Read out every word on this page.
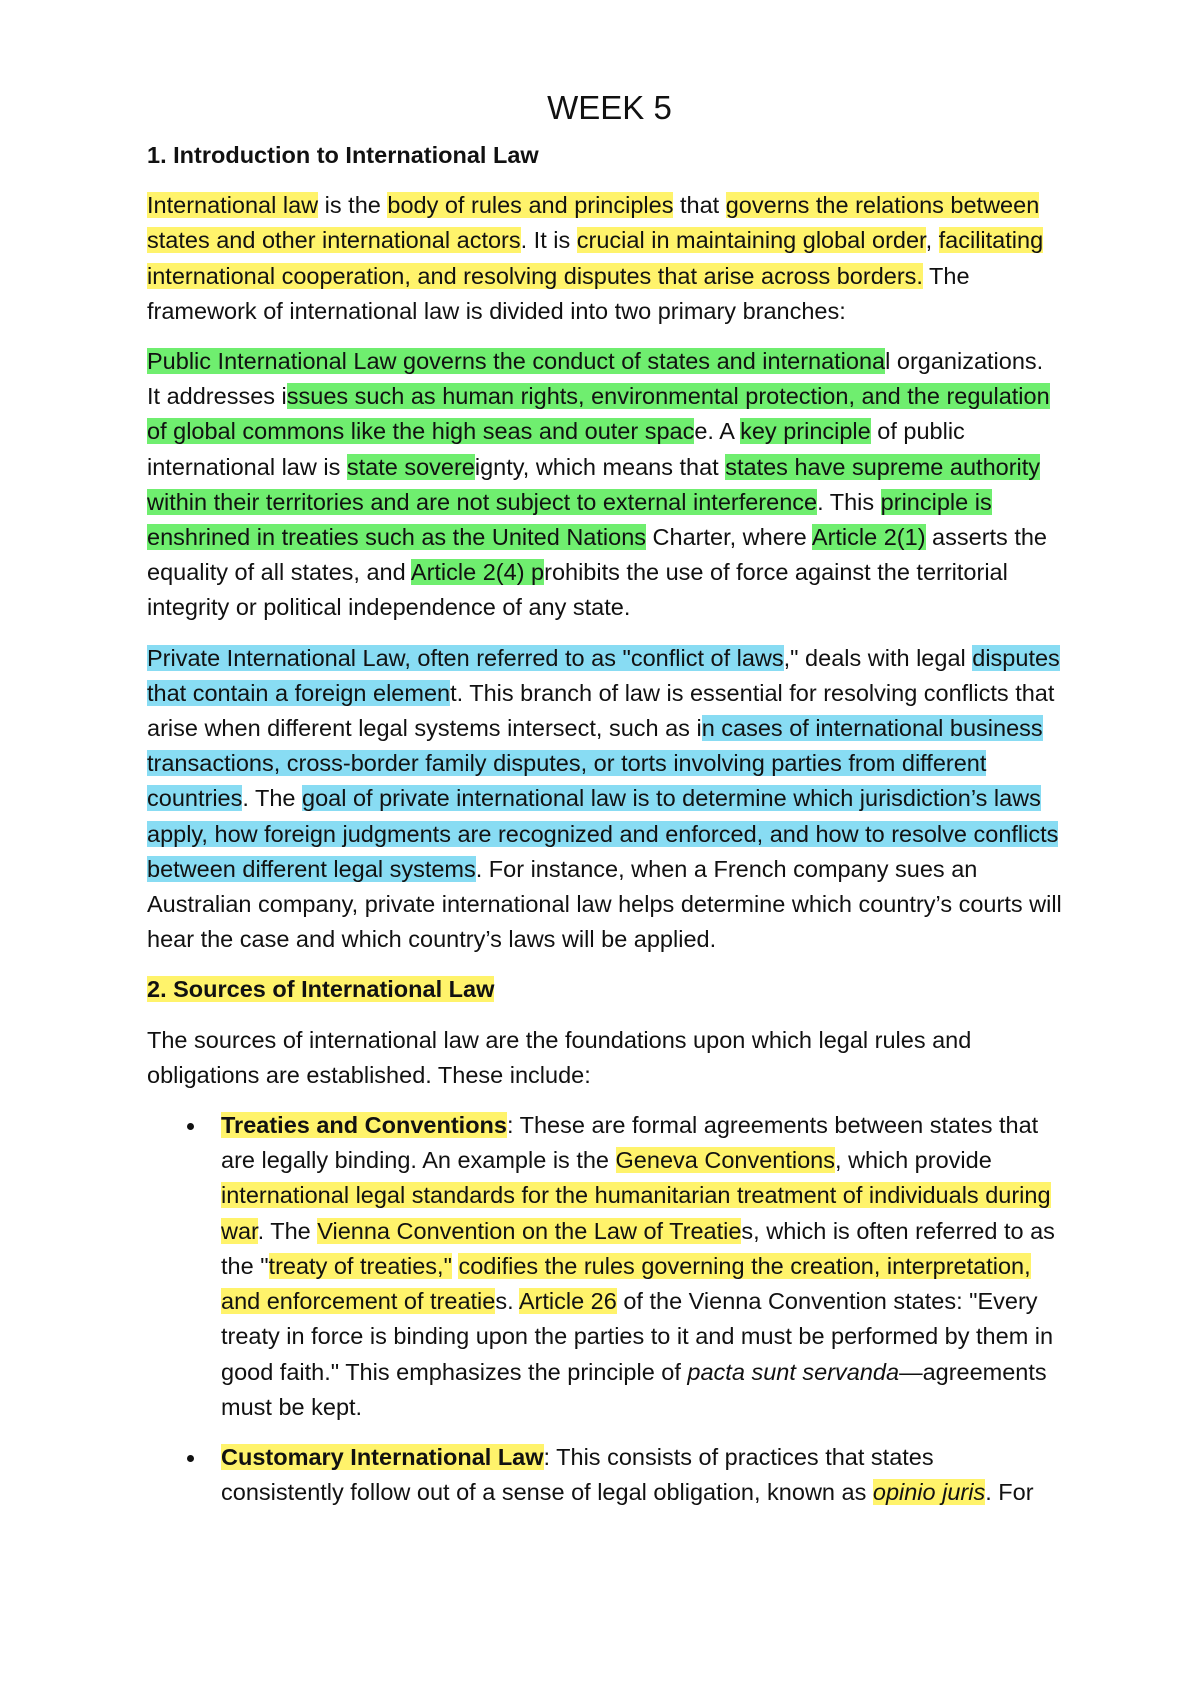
WEEK 5
1. Introduction to International Law

International law is the body of rules and principles that governs the relations between states and other international actors. It is crucial in maintaining global order, facilitating international cooperation, and resolving disputes that arise across borders. The framework of international law is divided into two primary branches:

Public International Law governs the conduct of states and international organizations. It addresses issues such as human rights, environmental protection, and the regulation of global commons like the high seas and outer space. A key principle of public international law is state sovereignty, which means that states have supreme authority within their territories and are not subject to external interference. This principle is enshrined in treaties such as the United Nations Charter, where Article 2(1) asserts the equality of all states, and Article 2(4) prohibits the use of force against the territorial integrity or political independence of any state.

Private International Law, often referred to as "conflict of laws," deals with legal disputes that contain a foreign element. This branch of law is essential for resolving conflicts that arise when different legal systems intersect, such as in cases of international business transactions, cross-border family disputes, or torts involving parties from different countries. The goal of private international law is to determine which jurisdiction’s laws apply, how foreign judgments are recognized and enforced, and how to resolve conflicts between different legal systems. For instance, when a French company sues an Australian company, private international law helps determine which country’s courts will hear the case and which country’s laws will be applied.

2. Sources of International Law

The sources of international law are the foundations upon which legal rules and obligations are established. These include:

Treaties and Conventions: These are formal agreements between states that are legally binding. An example is the Geneva Conventions, which provide international legal standards for the humanitarian treatment of individuals during war. The Vienna Convention on the Law of Treaties, which is often referred to as the "treaty of treaties," codifies the rules governing the creation, interpretation, and enforcement of treaties. Article 26 of the Vienna Convention states: "Every treaty in force is binding upon the parties to it and must be performed by them in good faith." This emphasizes the principle of pacta sunt servanda—agreements must be kept.
Customary International Law: This consists of practices that states consistently follow out of a sense of legal obligation, known as opinio juris. For
